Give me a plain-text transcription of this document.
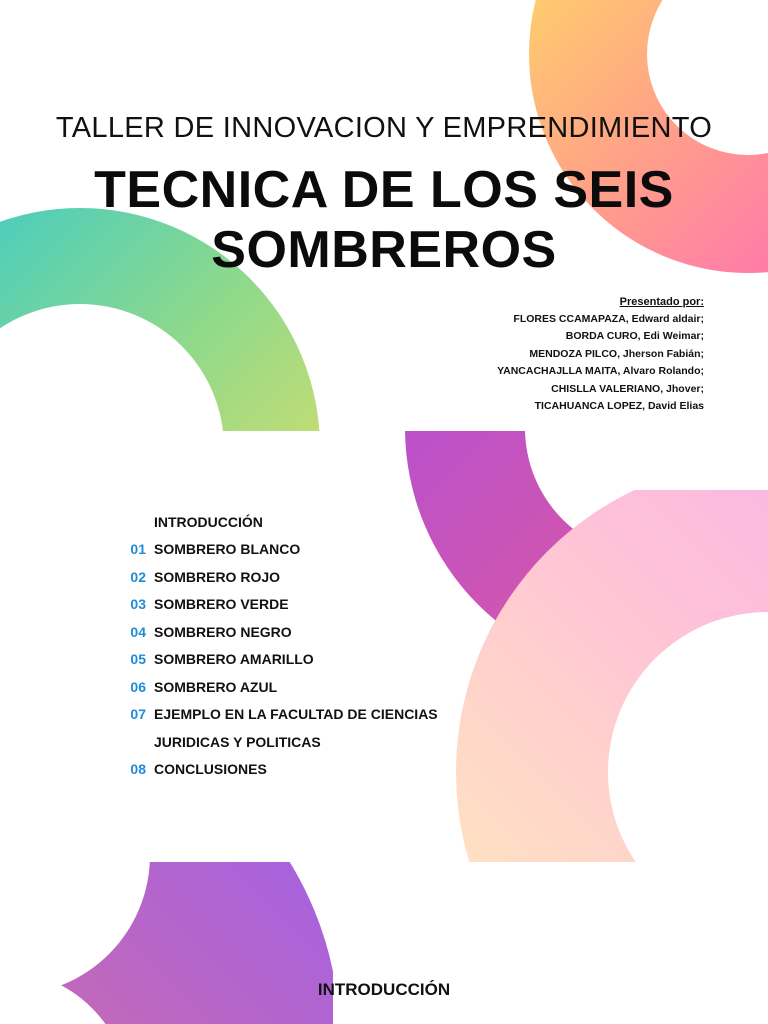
TALLER DE INNOVACION Y EMPRENDIMIENTO
TECNICA DE LOS SEIS
SOMBREROS
Presentado por:
FLORES CCAMAPAZA, Edward aldair;
BORDA CURO, Edi Weimar;
MENDOZA PILCO, Jherson Fabián;
YANCACHAJLLA MAITA, Alvaro Rolando;
CHISLLA VALERIANO, Jhover;
TICAHUANCA LOPEZ, David Elias
INTRODUCCIÓN
01 SOMBRERO BLANCO
02 SOMBRERO ROJO
03 SOMBRERO VERDE
04 SOMBRERO NEGRO
05 SOMBRERO AMARILLO
06 SOMBRERO AZUL
07 EJEMPLO EN LA FACULTAD DE CIENCIAS
JURIDICAS Y POLITICAS
08 CONCLUSIONES
INTRODUCCIÓN
